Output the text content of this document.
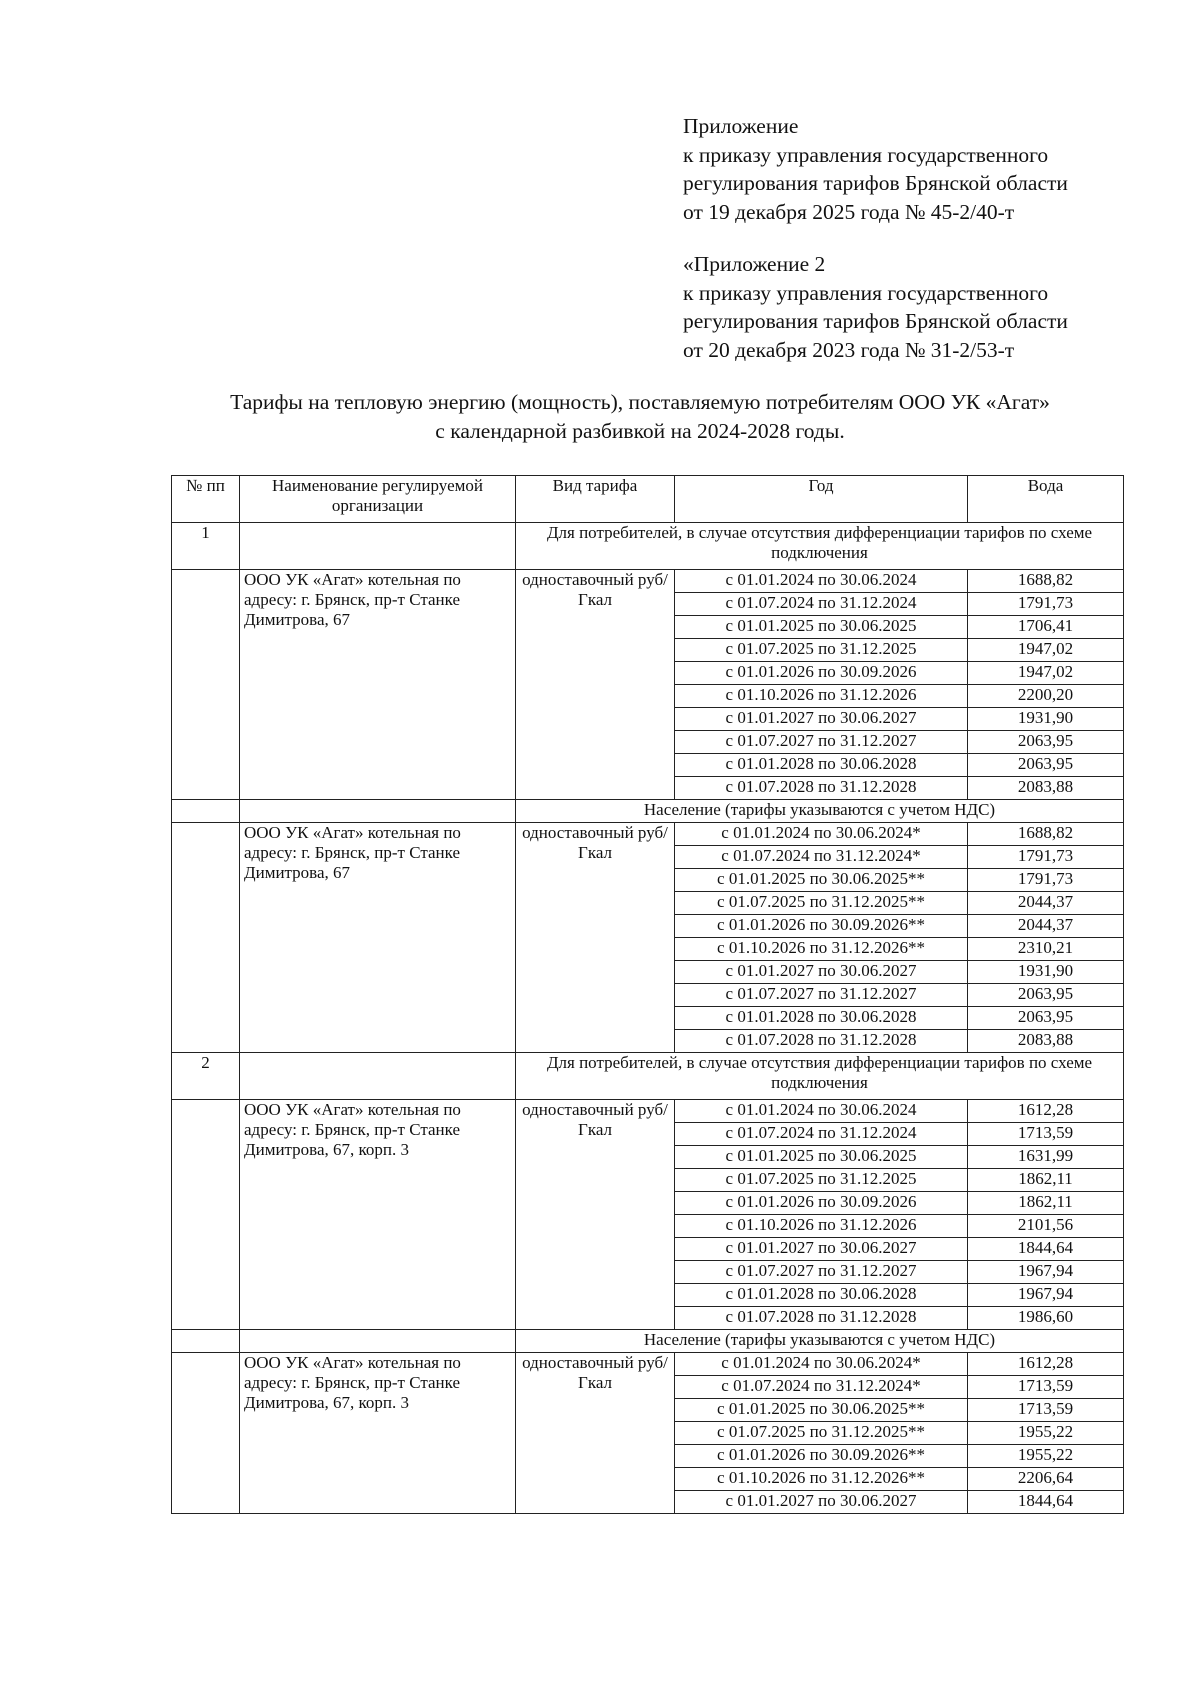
Приложение
к приказу управления государственного
регулирования тарифов Брянской области
от 19 декабря 2025 года № 45-2/40-т
«Приложение 2
к приказу управления государственного
регулирования тарифов Брянской области
от 20 декабря 2023 года № 31-2/53-т
Тарифы на тепловую энергию (мощность), поставляемую потребителям ООО УК «Агат»
с календарной разбивкой на 2024-2028 годы.
№ пп	Наименование регулируемой организации	Вид тарифа	Год	Вода
1		Для потребителей, в случае отсутствия дифференциации тарифов по схеме подключения		
	ООО УК «Агат» котельная по адресу: г. Брянск, пр-т Станке Димитрова, 67	одноставочный руб/Гкал	с 01.01.2024 по 30.06.2024	1688,82
			с 01.07.2024 по 31.12.2024	1791,73
			с 01.01.2025 по 30.06.2025	1706,41
			с 01.07.2025 по 31.12.2025	1947,02
			с 01.01.2026 по 30.09.2026	1947,02
			с 01.10.2026 по 31.12.2026	2200,20
			с 01.01.2027 по 30.06.2027	1931,90
			с 01.07.2027 по 31.12.2027	2063,95
			с 01.01.2028 по 30.06.2028	2063,95
			с 01.07.2028 по 31.12.2028	2083,88
		Население (тарифы указываются с учетом НДС)		
	ООО УК «Агат» котельная по адресу: г. Брянск, пр-т Станке Димитрова, 67	одноставочный руб/Гкал	с 01.01.2024 по 30.06.2024*	1688,82
			с 01.07.2024 по 31.12.2024*	1791,73
			с 01.01.2025 по 30.06.2025**	1791,73
			с 01.07.2025 по 31.12.2025**	2044,37
			с 01.01.2026 по 30.09.2026**	2044,37
			с 01.10.2026 по 31.12.2026**	2310,21
			с 01.01.2027 по 30.06.2027	1931,90
			с 01.07.2027 по 31.12.2027	2063,95
			с 01.01.2028 по 30.06.2028	2063,95
			с 01.07.2028 по 31.12.2028	2083,88
2		Для потребителей, в случае отсутствия дифференциации тарифов по схеме подключения		
	ООО УК «Агат» котельная по адресу: г. Брянск, пр-т Станке Димитрова, 67, корп. 3	одноставочный руб/Гкал	с 01.01.2024 по 30.06.2024	1612,28
			с 01.07.2024 по 31.12.2024	1713,59
			с 01.01.2025 по 30.06.2025	1631,99
			с 01.07.2025 по 31.12.2025	1862,11
			с 01.01.2026 по 30.09.2026	1862,11
			с 01.10.2026 по 31.12.2026	2101,56
			с 01.01.2027 по 30.06.2027	1844,64
			с 01.07.2027 по 31.12.2027	1967,94
			с 01.01.2028 по 30.06.2028	1967,94
			с 01.07.2028 по 31.12.2028	1986,60
		Население (тарифы указываются с учетом НДС)		
	ООО УК «Агат» котельная по адресу: г. Брянск, пр-т Станке Димитрова, 67, корп. 3	одноставочный руб/Гкал	с 01.01.2024 по 30.06.2024*	1612,28
			с 01.07.2024 по 31.12.2024*	1713,59
			с 01.01.2025 по 30.06.2025**	1713,59
			с 01.07.2025 по 31.12.2025**	1955,22
			с 01.01.2026 по 30.09.2026**	1955,22
			с 01.10.2026 по 31.12.2026**	2206,64
			с 01.01.2027 по 30.06.2027	1844,64
